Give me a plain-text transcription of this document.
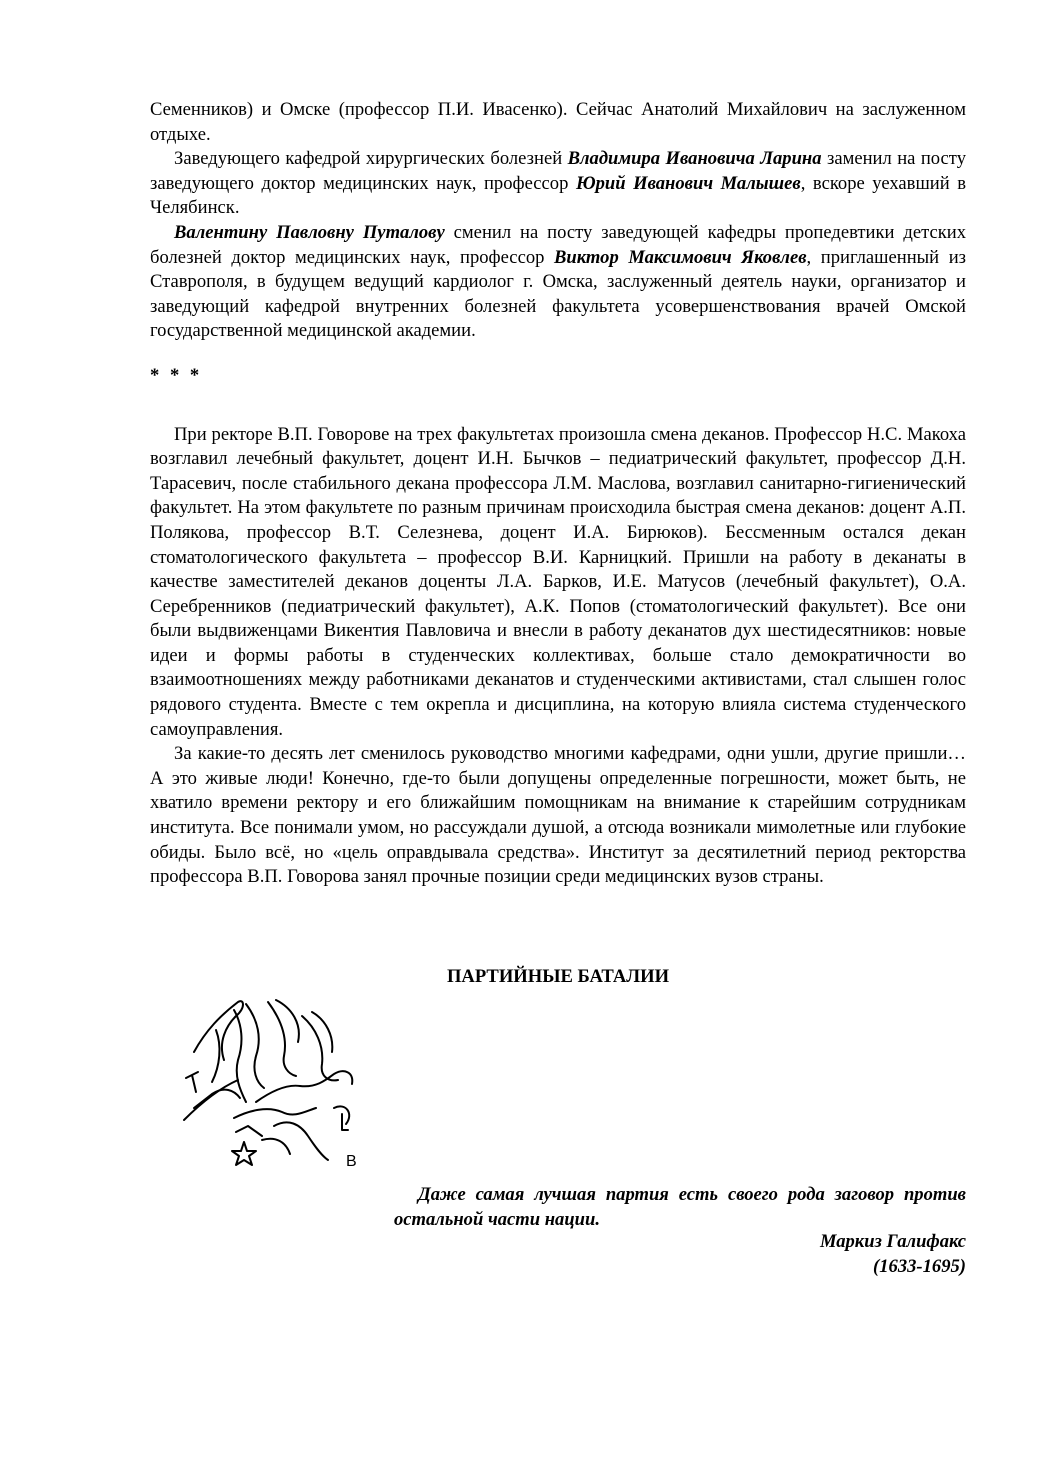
Семенников) и Омске (профессор П.И. Ивасенко). Сейчас Анатолий Михайлович на заслуженном отдыхе.

Заведующего кафедрой хирургических болезней Владимира Ивановича Ларина заменил на посту заведующего доктор медицинских наук, профессор Юрий Иванович Малышев, вскоре уехавший в Челябинск.

Валентину Павловну Путалову сменил на посту заведующей кафедры пропедевтики детских болезней доктор медицинских наук, профессор Виктор Максимович Яковлев, приглашенный из Ставрополя, в будущем ведущий кардиолог г. Омска, заслуженный деятель науки, организатор и заведующий кафедрой внутренних болезней факультета усовершенствования врачей Омской государственной медицинской академии.

* * *

При ректоре В.П. Говорове на трех факультетах произошла смена деканов. Профессор Н.С. Макоха возглавил лечебный факультет, доцент И.Н. Бычков – педиатрический факультет, профессор Д.Н. Тарасевич, после стабильного декана профессора Л.М. Маслова, возглавил санитарно-гигиенический факультет. На этом факультете по разным причинам происходила быстрая смена деканов: доцент А.П. Полякова, профессор В.Т. Селезнева, доцент И.А. Бирюков). Бессменным остался декан стоматологического факультета – профессор В.И. Карницкий. Пришли на работу в деканаты в качестве заместителей деканов доценты Л.А. Барков, И.Е. Матусов (лечебный факультет), О.А. Серебренников (педиатрический факультет), А.К. Попов (стоматологический факультет). Все они были выдвиженцами Викентия Павловича и внесли в работу деканатов дух шестидесятников: новые идеи и формы работы в студенческих коллективах, больше стало демократичности во взаимоотношениях между работниками деканатов и студенческими активистами, стал слышен голос рядового студента. Вместе с тем окрепла и дисциплина, на которую влияла система студенческого самоуправления.

За какие-то десять лет сменилось руководство многими кафедрами, одни ушли, другие пришли… А это живые люди! Конечно, где-то были допущены определенные погрешности, может быть, не хватило времени ректору и его ближайшим помощникам на внимание к старейшим сотрудникам института. Все понимали умом, но рассуждали душой, а отсюда возникали мимолетные или глубокие обиды. Было всё, но «цель оправдывала средства». Институт за десятилетний период ректорства профессора В.П. Говорова занял прочные позиции среди медицинских вузов страны.

ПАРТИЙНЫЕ БАТАЛИИ
В

Даже самая лучшая партия есть своего рода заговор против остальной части нации.

Маркиз Галифакс
(1633-1695)
